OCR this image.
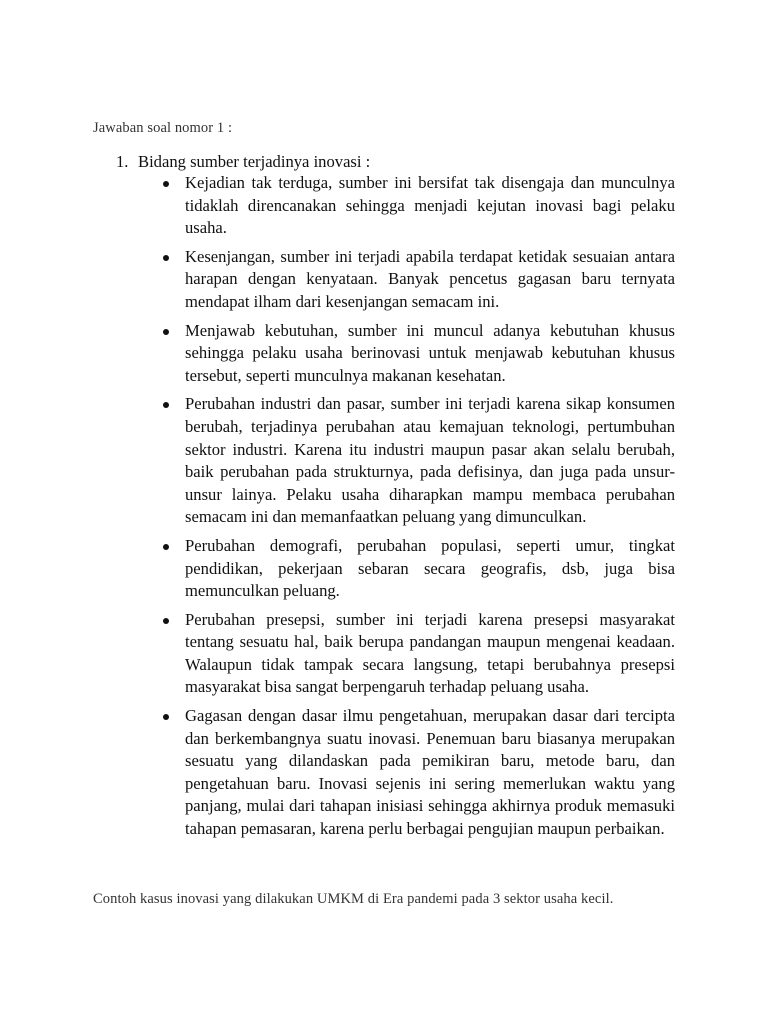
Jawaban soal nomor 1 :

1. Bidang sumber terjadinya inovasi :

Kejadian tak terduga, sumber ini bersifat tak disengaja dan munculnya tidaklah direncanakan sehingga menjadi kejutan inovasi bagi pelaku usaha.
Kesenjangan, sumber ini terjadi apabila terdapat ketidak sesuaian antara harapan dengan kenyataan. Banyak pencetus gagasan baru ternyata mendapat ilham dari kesenjangan semacam ini.
Menjawab kebutuhan, sumber ini muncul adanya kebutuhan khusus sehingga pelaku usaha berinovasi untuk menjawab kebutuhan khusus tersebut, seperti munculnya makanan kesehatan.
Perubahan industri dan pasar, sumber ini terjadi karena sikap konsumen berubah, terjadinya perubahan atau kemajuan teknologi, pertumbuhan sektor industri. Karena itu industri maupun pasar akan selalu berubah, baik perubahan pada strukturnya, pada defisinya, dan juga pada unsur-unsur lainya. Pelaku usaha diharapkan mampu membaca perubahan semacam ini dan memanfaatkan peluang yang dimunculkan.
Perubahan demografi, perubahan populasi, seperti umur, tingkat pendidikan, pekerjaan sebaran secara geografis, dsb, juga bisa memunculkan peluang.
Perubahan presepsi, sumber ini terjadi karena presepsi masyarakat tentang sesuatu hal, baik berupa pandangan maupun mengenai keadaan. Walaupun tidak tampak secara langsung, tetapi berubahnya presepsi masyarakat bisa sangat berpengaruh terhadap peluang usaha.
Gagasan dengan dasar ilmu pengetahuan, merupakan dasar dari tercipta dan berkembangnya suatu inovasi. Penemuan baru biasanya merupakan sesuatu yang dilandaskan pada pemikiran baru, metode baru, dan pengetahuan baru. Inovasi sejenis ini sering memerlukan waktu yang panjang, mulai dari tahapan inisiasi sehingga akhirnya produk memasuki tahapan pemasaran, karena perlu berbagai pengujian maupun perbaikan.

Contoh kasus inovasi yang dilakukan UMKM di Era pandemi pada 3 sektor usaha kecil.
